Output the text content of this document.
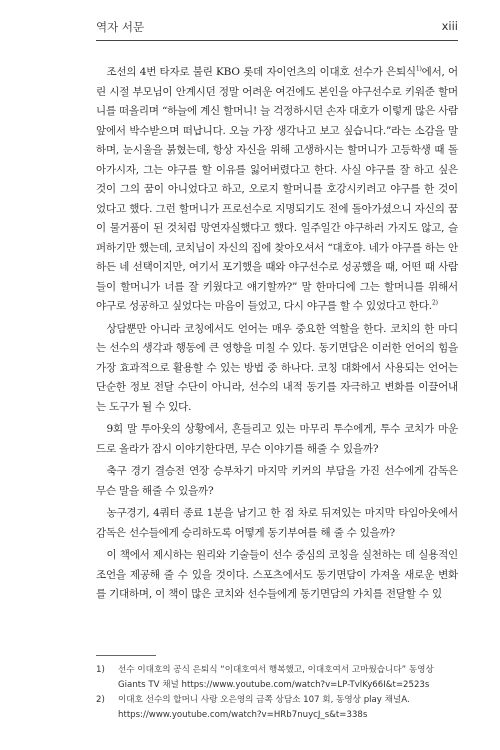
역자 서문	xiii

조선의 4번 타자로 불린 KBO 롯데 자이언츠의 이대호 선수가 은퇴식$^{1)}$에서, 어린 시절 부모님이 안계시던 정말 어려운 여건에도 본인을 야구선수로 키워준 할머니를 떠올리며 “하늘에 계신 할머니! 늘 걱정하시던 손자 대호가 이렇게 많은 사람 앞에서 박수받으며 떠납니다. 오늘 가장 생각나고 보고 싶습니다.”라는 소감을 말하며, 눈시울을 붉혔는데, 항상 자신을 위해 고생하시는 할머니가 고등학생 때 돌아가시자, 그는 야구를 할 이유를 잃어버렸다고 한다. 사실 야구를 잘 하고 싶은 것이 그의 꿈이 아니었다고 하고, 오로지 할머니를 호강시키려고 야구를 한 것이었다고 했다. 그런 할머니가 프로선수로 지명되기도 전에 돌아가셨으니 자신의 꿈이 물거품이 된 것처럼 망연자실했다고 했다. 일주일간 야구하러 가지도 않고, 슬퍼하기만 했는데, 코치님이 자신의 집에 찾아오셔서 “대호야. 네가 야구를 하는 안하든 네 선택이지만, 여기서 포기했을 때와 야구선수로 성공했을 때, 어떤 때 사람들이 할머니가 너를 잘 키웠다고 얘기할까?” 말 한마디에 그는 할머니를 위해서 야구로 성공하고 싶었다는 마음이 들었고, 다시 야구를 할 수 있었다고 한다.$^{2)}$

상담뿐만 아니라 코칭에서도 언어는 매우 중요한 역할을 한다. 코치의 한 마디는 선수의 생각과 행동에 큰 영향을 미칠 수 있다. 동기면담은 이러한 언어의 힘을 가장 효과적으로 활용할 수 있는 방법 중 하나다. 코칭 대화에서 사용되는 언어는 단순한 정보 전달 수단이 아니라, 선수의 내적 동기를 자극하고 변화를 이끌어내는 도구가 될 수 있다.

9회 말 투아웃의 상황에서, 흔들리고 있는 마무리 투수에게, 투수 코치가 마운드로 올라가 잠시 이야기한다면, 무슨 이야기를 해줄 수 있을까?

축구 경기 결승전 연장 승부차기 마지막 키커의 부담을 가진 선수에게 감독은 무슨 말을 해줄 수 있을까?

농구경기, 4쿼터 종료 1분을 남기고 한 점 차로 뒤져있는 마지막 타임아웃에서 감독은 선수들에게 승리하도록 어떻게 동기부여를 해 줄 수 있을까?

이 책에서 제시하는 원리와 기술들이 선수 중심의 코칭을 실천하는 데 실용적인 조언을 제공해 줄 수 있을 것이다. 스포츠에서도 동기면담이 가져올 새로운 변화를 기대하며, 이 책이 많은 코치와 선수들에게 동기면담의 가치를 전달할 수 있

1)	선수 이대호의 공식 은퇴식 “이대호여서 행복했고, 이대호여서 고마웠습니다” 동영상 Giants TV 채널 https://www.youtube.com/watch?v=LP-TvlKy66I&t=2523s
2)	이대호 선수의 할머니 사랑 오은영의 금쪽 상담소 107 회, 동영상 play 채널A. https://www.youtube.com/watch?v=HRb7nuycJ_s&t=338s
